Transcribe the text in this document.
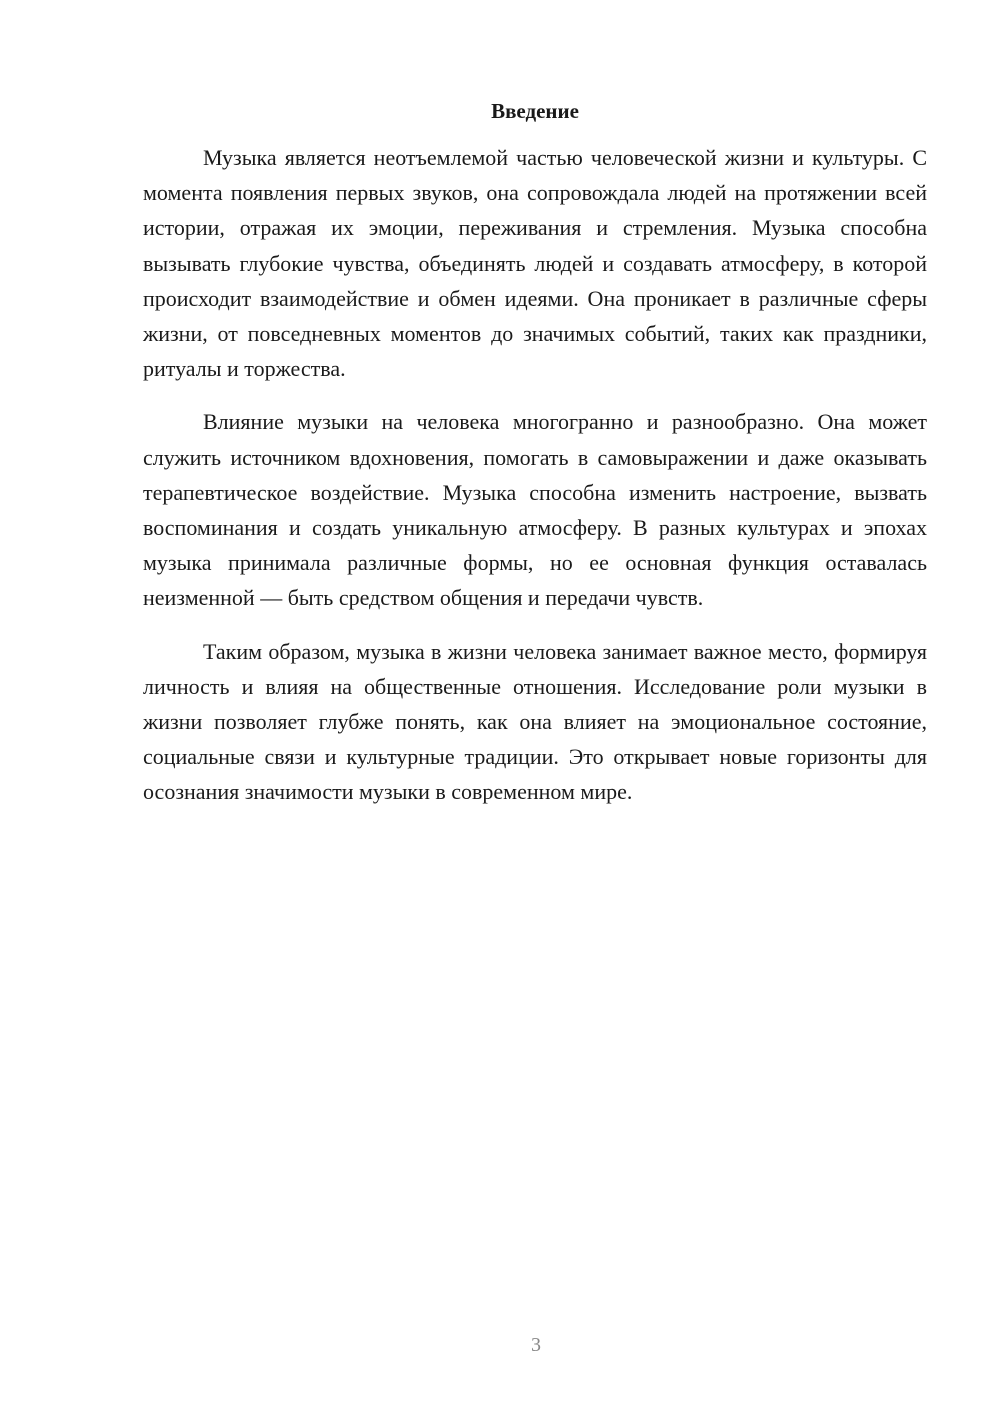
Введение

Музыка является неотъемлемой частью человеческой жизни и культуры. С момента появления первых звуков, она сопровождала людей на протяжении всей истории, отражая их эмоции, переживания и стремления. Музыка способна вызывать глубокие чувства, объединять людей и создавать атмосферу, в которой происходит взаимодействие и обмен идеями. Она проникает в различные сферы жизни, от повседневных моментов до значимых событий, таких как праздники, ритуалы и торжества.

Влияние музыки на человека многогранно и разнообразно. Она может служить источником вдохновения, помогать в самовыражении и даже оказывать терапевтическое воздействие. Музыка способна изменить настроение, вызвать воспоминания и создать уникальную атмосферу. В разных культурах и эпохах музыка принимала различные формы, но ее основная функция оставалась неизменной — быть средством общения и передачи чувств.

Таким образом, музыка в жизни человека занимает важное место, формируя личность и влияя на общественные отношения. Исследование роли музыки в жизни позволяет глубже понять, как она влияет на эмоциональное состояние, социальные связи и культурные традиции. Это открывает новые горизонты для осознания значимости музыки в современном мире.

3
